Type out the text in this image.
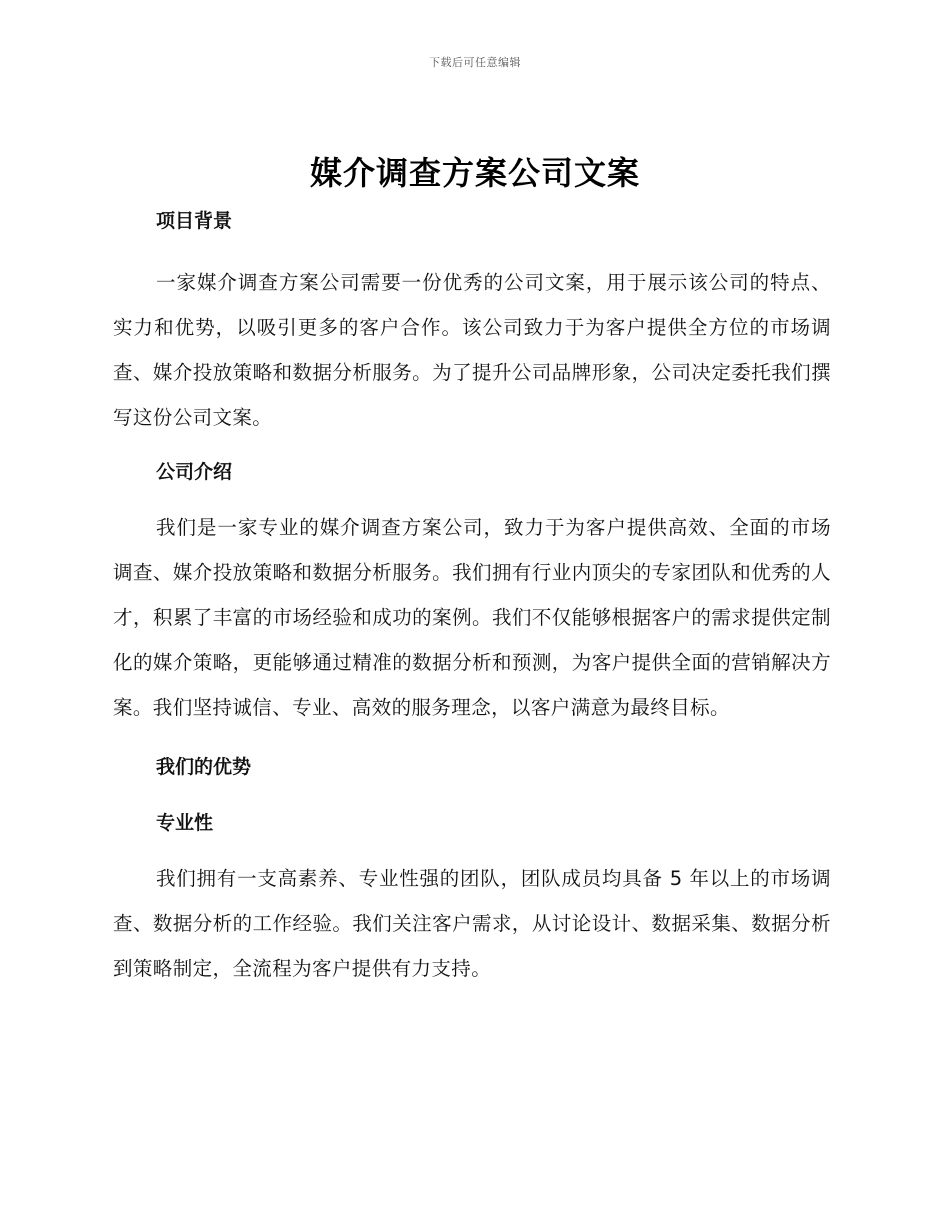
下载后可任意编辑
媒介调查方案公司文案
项目背景

一家媒介调查方案公司需要一份优秀的公司文案，用于展示该公司的特点、实力和优势，以吸引更多的客户合作。该公司致力于为客户提供全方位的市场调查、媒介投放策略和数据分析服务。为了提升公司品牌形象，公司决定委托我们撰写这份公司文案。

公司介绍

我们是一家专业的媒介调查方案公司，致力于为客户提供高效、全面的市场调查、媒介投放策略和数据分析服务。我们拥有行业内顶尖的专家团队和优秀的人才，积累了丰富的市场经验和成功的案例。我们不仅能够根据客户的需求提供定制化的媒介策略，更能够通过精准的数据分析和预测，为客户提供全面的营销解决方案。我们坚持诚信、专业、高效的服务理念，以客户满意为最终目标。

我们的优势
专业性

我们拥有一支高素养、专业性强的团队，团队成员均具备 5 年以上的市场调查、数据分析的工作经验。我们关注客户需求，从讨论设计、数据采集、数据分析到策略制定，全流程为客户提供有力支持。
